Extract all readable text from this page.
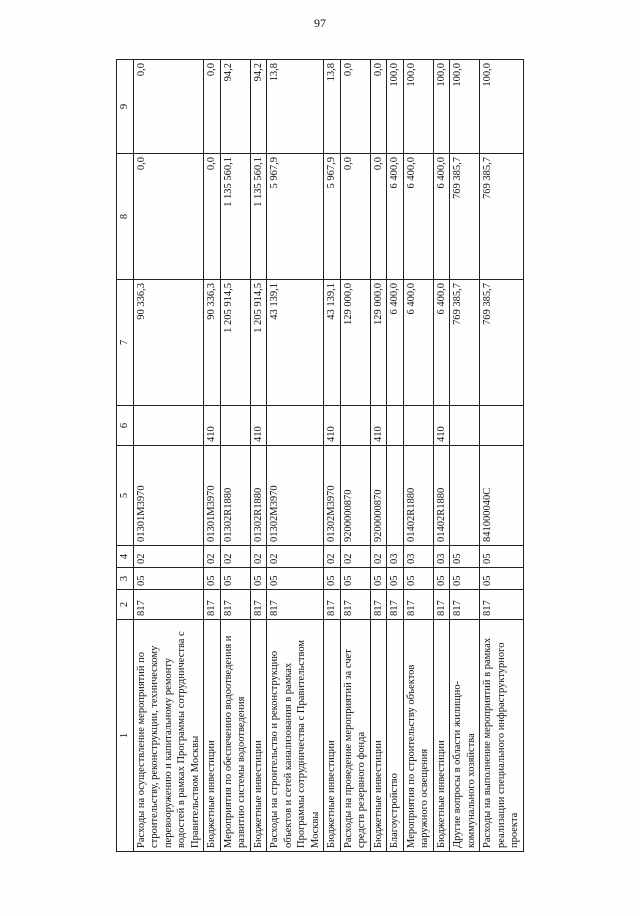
97
1	2	3	4	5	6	7	8	9
Расходы на осуществление мероприятий по строительству, реконструкции, техническому перевооружению и капитальному ремонту водостей в рамках Программы сотрудничества с Правительством Москвы	817	05	02	01301M3970		90 336,3	0,0	0,0
Бюджетные инвестиции	817	05	02	01301M3970	410	90 336,3	0,0	0,0
Мероприятия по обеспечению водоотведения и развитию системы водоотведения	817	05	02	01302R1880		1 205 914,5	1 135 560,1	94,2
Бюджетные инвестиции	817	05	02	01302R1880	410	1 205 914,5	1 135 560,1	94,2
Расходы на строительство и реконструкцию объектов и сетей канализования в рамках Программы сотрудничества с Правительством Москвы	817	05	02	01302M3970		43 139,1	5 967,9	13,8
Бюджетные инвестиции	817	05	02	01302M3970	410	43 139,1	5 967,9	13,8
Расходы на проведение мероприятий за счет средств резервного фонда	817	05	02	9200000870		129 000,0	0,0	0,0
Бюджетные инвестиции	817	05	02	9200000870	410	129 000,0	0,0	0,0
Благоустройство	817	05	03			6 400,0	6 400,0	100,0
Мероприятия по строительству объектов наружного освещения	817	05	03	01402R1880		6 400,0	6 400,0	100,0
Бюджетные инвестиции	817	05	03	01402R1880	410	6 400,0	6 400,0	100,0
Другие вопросы в области жилищно-коммунального хозяйства	817	05	05			769 385,7	769 385,7	100,0
Расходы на выполнение мероприятий в рамках реализации специального инфраструктурного проекта	817	05	05	841000040C		769 385,7	769 385,7	100,0
